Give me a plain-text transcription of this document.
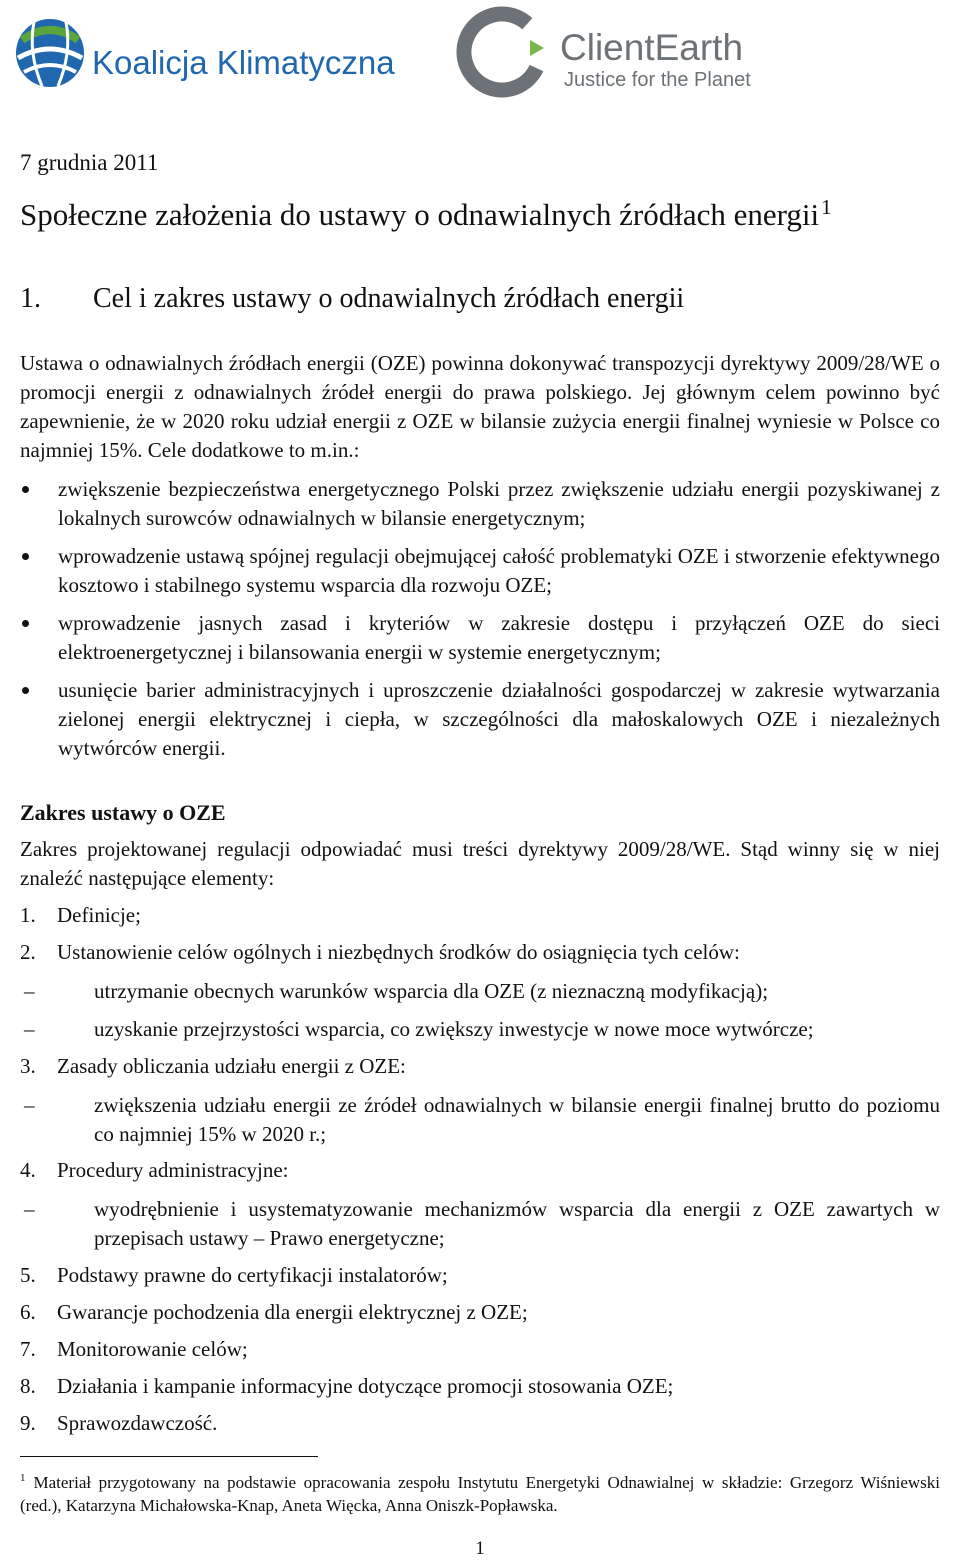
Koalicja Klimatyczna	ClientEarth
Justice for the Planet
7 grudnia 2011
Społeczne założenia do ustawy o odnawialnych źródłach energii$^1$
1. Cel i zakres ustawy o odnawialnych źródłach energii
Ustawa o odnawialnych źródłach energii (OZE) powinna dokonywać transpozycji dyrektywy 2009/28/WE o promocji energii z odnawialnych źródeł energii do prawa polskiego. Jej głównym celem powinno być zapewnienie, że w 2020 roku udział energii z OZE w bilansie zużycia energii finalnej wyniesie w Polsce co najmniej 15%. Cele dodatkowe to m.in.:
zwiększenie bezpieczeństwa energetycznego Polski przez zwiększenie udziału energii pozyskiwanej z lokalnych surowców odnawialnych w bilansie energetycznym;
wprowadzenie ustawą spójnej regulacji obejmującej całość problematyki OZE i stworzenie efektywnego kosztowo i stabilnego systemu wsparcia dla rozwoju OZE;
wprowadzenie jasnych zasad i kryteriów w zakresie dostępu i przyłączeń OZE do sieci elektroenergetycznej i bilansowania energii w systemie energetycznym;
usunięcie barier administracyjnych i uproszczenie działalności gospodarczej w zakresie wytwarzania zielonej energii elektrycznej i ciepła, w szczególności dla małoskalowych OZE i niezależnych wytwórców energii.
Zakres ustawy o OZE
Zakres projektowanej regulacji odpowiadać musi treści dyrektywy 2009/28/WE. Stąd winny się w niej znaleźć następujące elementy:
1. Definicje;
2. Ustanowienie celów ogólnych i niezbędnych środków do osiągnięcia tych celów:
–	utrzymanie obecnych warunków wsparcia dla OZE (z nieznaczną modyfikacją);
–	uzyskanie przejrzystości wsparcia, co zwiększy inwestycje w nowe moce wytwórcze;
3. Zasady obliczania udziału energii z OZE:
–	zwiększenia udziału energii ze źródeł odnawialnych w bilansie energii finalnej brutto do poziomu co najmniej 15% w 2020 r.;
4. Procedury administracyjne:
–	wyodrębnienie i usystematyzowanie mechanizmów wsparcia dla energii z OZE zawartych w przepisach ustawy – Prawo energetyczne;
5. Podstawy prawne do certyfikacji instalatorów;
6. Gwarancje pochodzenia dla energii elektrycznej z OZE;
7. Monitorowanie celów;
8. Działania i kampanie informacyjne dotyczące promocji stosowania OZE;
9. Sprawozdawczość.
$^1$ Materiał przygotowany na podstawie opracowania zespołu Instytutu Energetyki Odnawialnej w składzie: Grzegorz Wiśniewski (red.), Katarzyna Michałowska-Knap, Aneta Więcka, Anna Oniszk-Popławska.
1
